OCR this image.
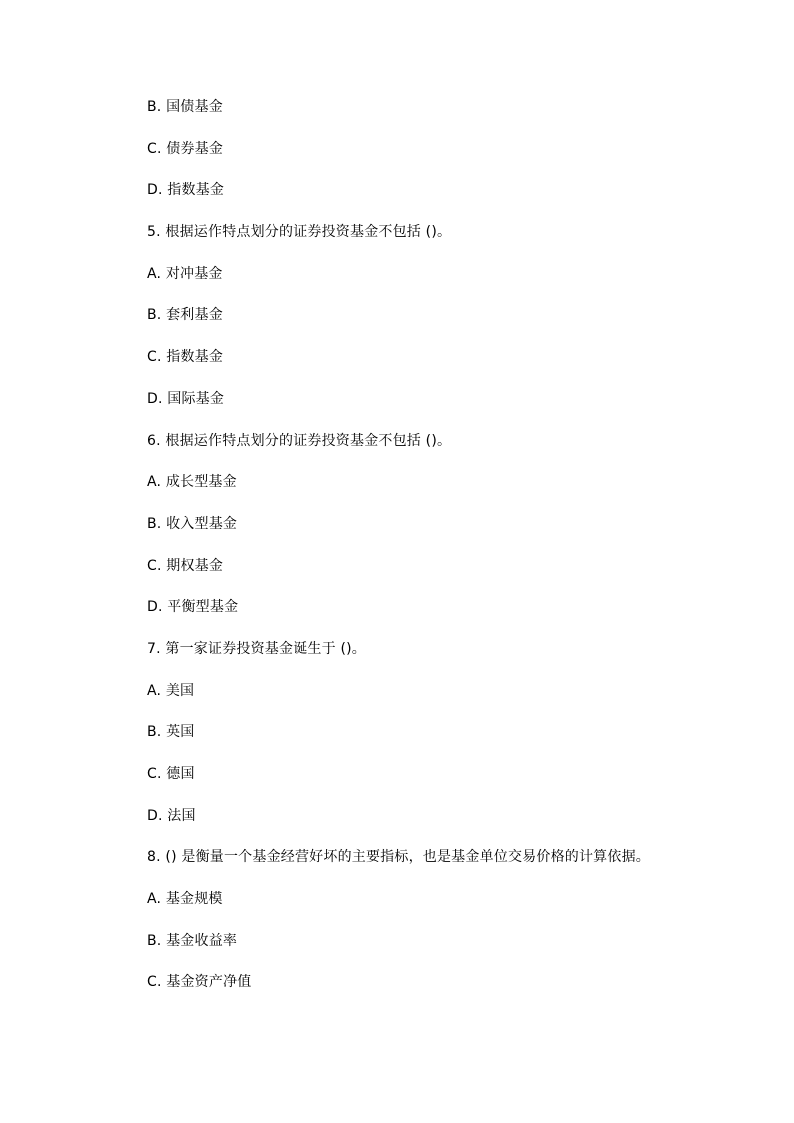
B. 国债基金
C. 债券基金
D. 指数基金
5. 根据运作特点划分的证券投资基金不包括 ()。
A. 对冲基金
B. 套利基金
C. 指数基金
D. 国际基金
6. 根据运作特点划分的证券投资基金不包括 ()。
A. 成长型基金
B. 收入型基金
C. 期权基金
D. 平衡型基金
7. 第一家证券投资基金诞生于 ()。
A. 美国
B. 英国
C. 德国
D. 法国
8. () 是衡量一个基金经营好坏的主要指标，也是基金单位交易价格的计算依据。
A. 基金规模
B. 基金收益率
C. 基金资产净值
